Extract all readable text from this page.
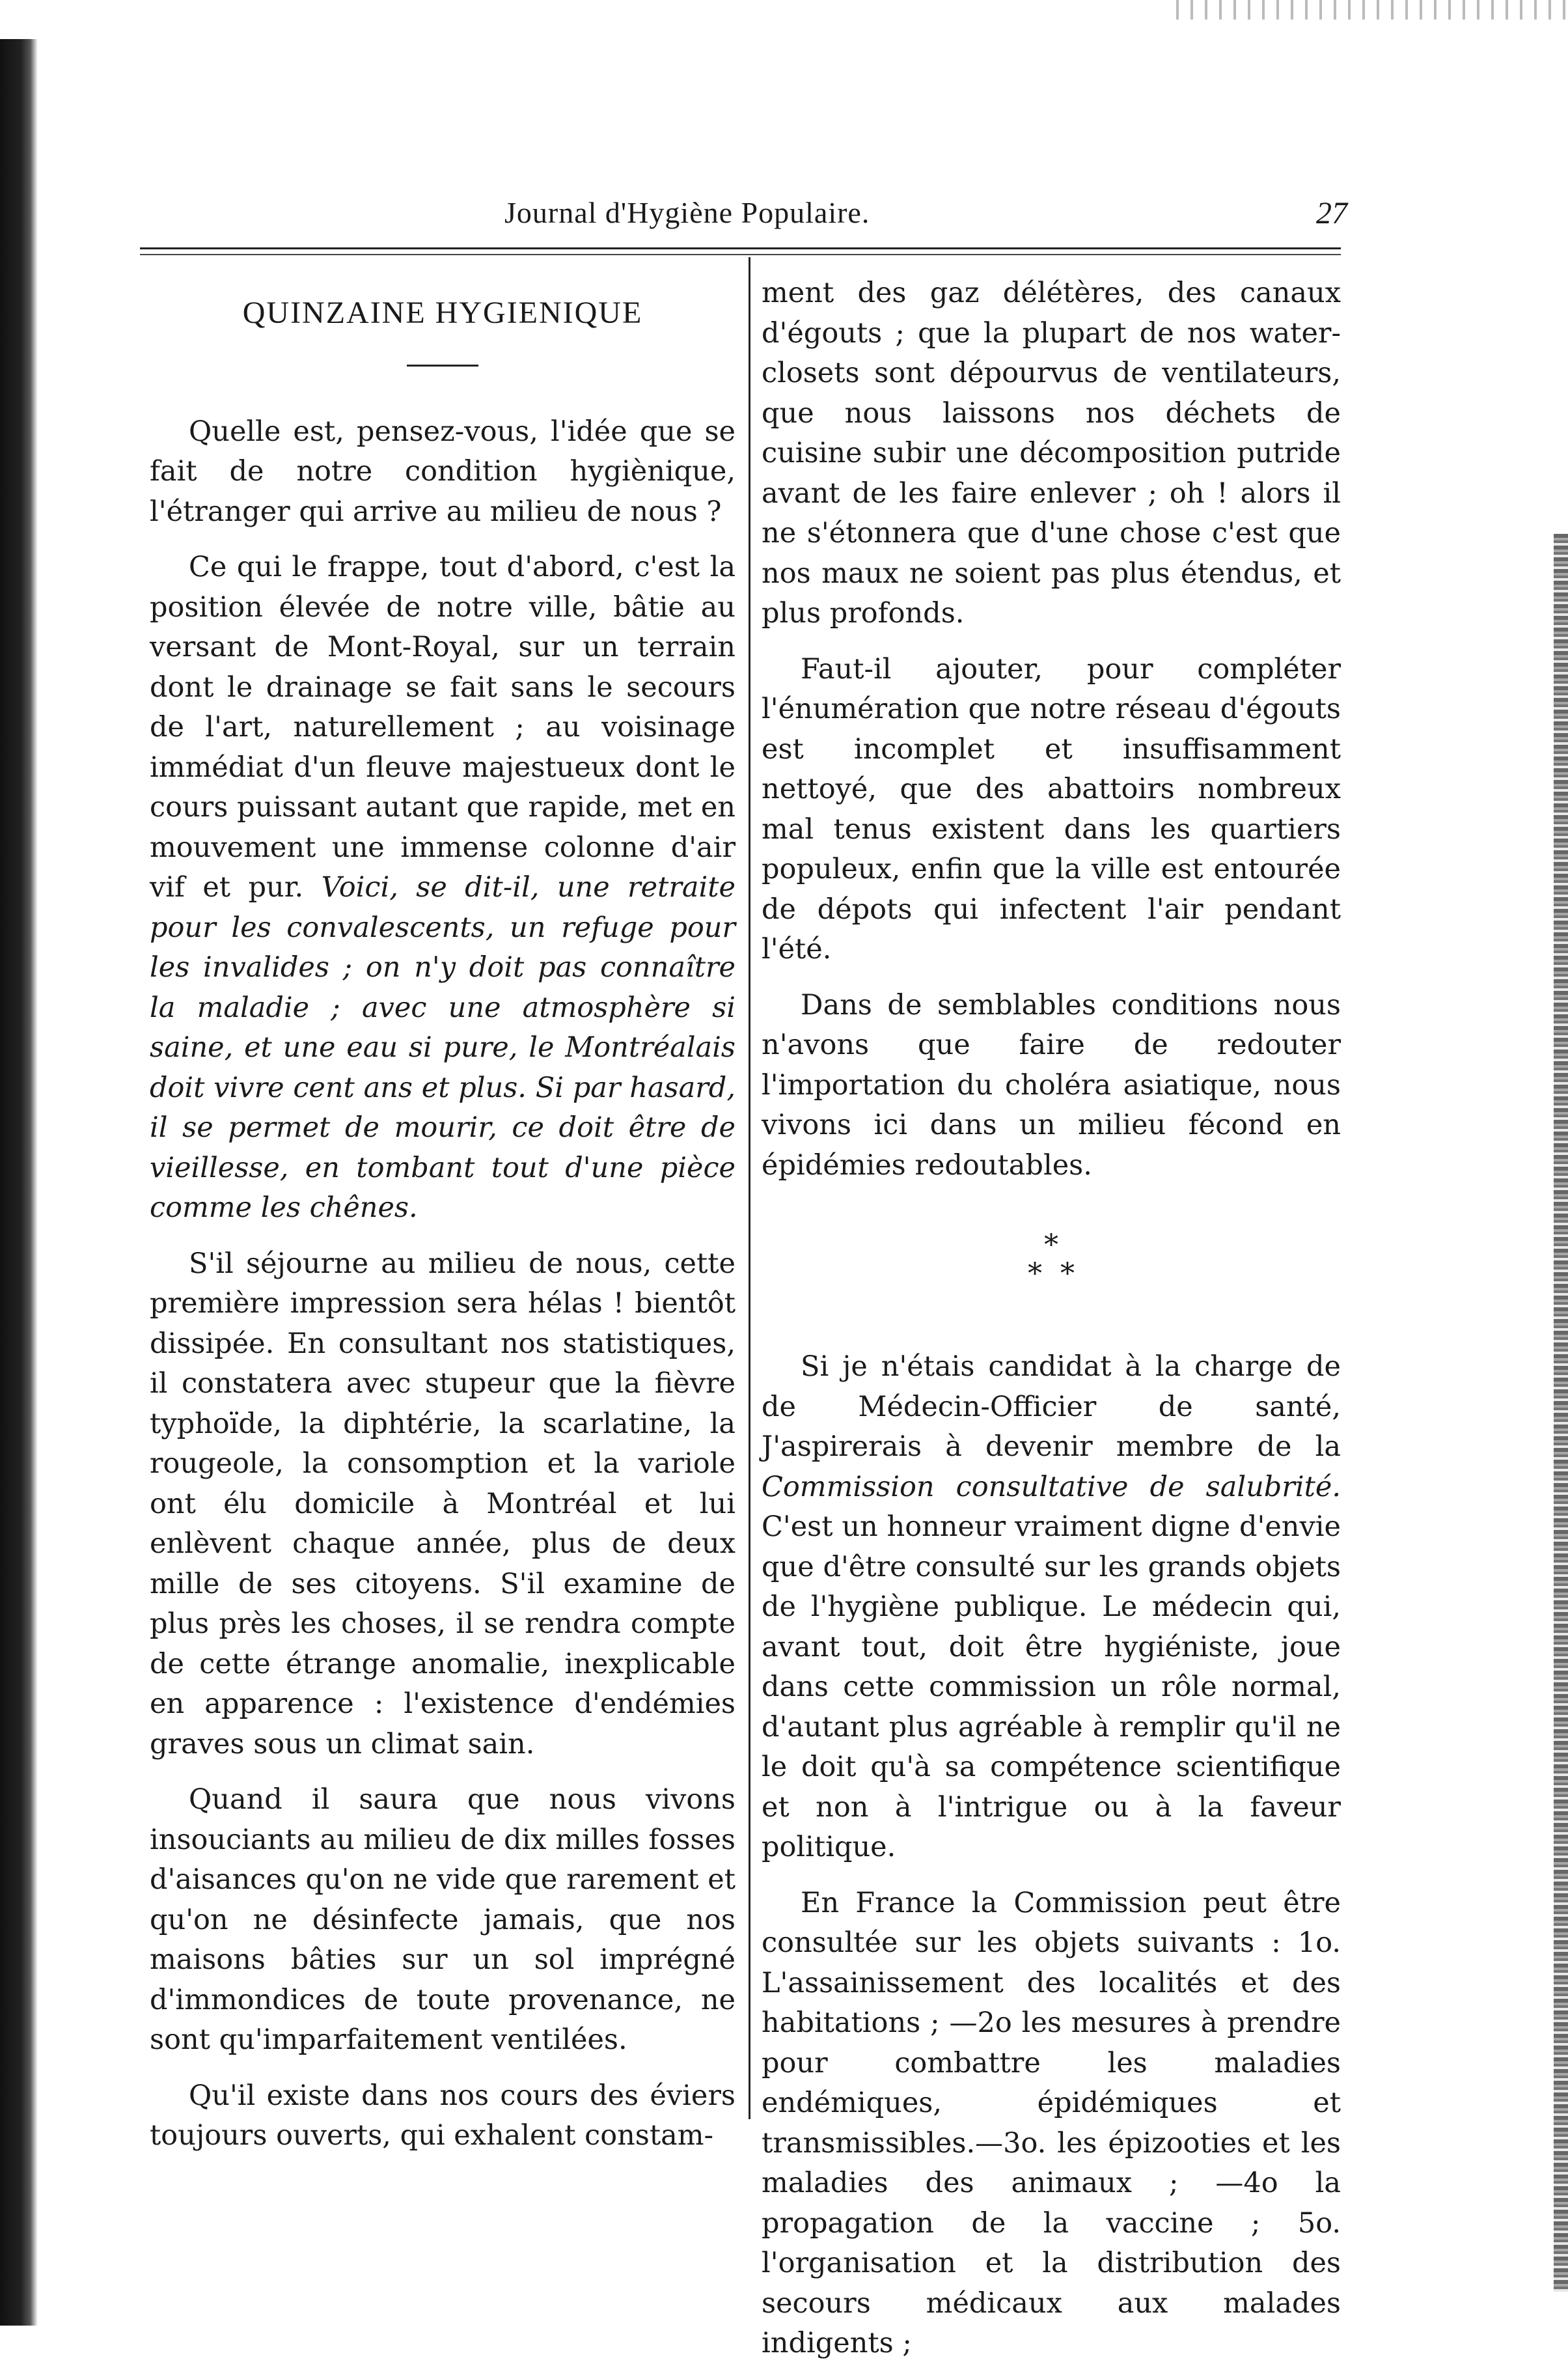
Journal d'Hygiène Populaire.	27
QUINZAINE HYGIENIQUE

Quelle est, pensez-vous, l'idée que se fait de notre condition hygiènique, l'étranger qui arrive au milieu de nous ?

Ce qui le frappe, tout d'abord, c'est la position élevée de notre ville, bâtie au versant de Mont-Royal, sur un terrain dont le drainage se fait sans le secours de l'art, naturellement ; au voisinage immédiat d'un fleuve majestueux dont le cours puissant autant que rapide, met en mouvement une immense colonne d'air vif et pur. Voici, se dit-il, une retraite pour les convalescents, un refuge pour les invalides ; on n'y doit pas connaître la maladie ; avec une atmosphère si saine, et une eau si pure, le Montréalais doit vivre cent ans et plus. Si par hasard, il se permet de mourir, ce doit être de vieillesse, en tombant tout d'une pièce comme les chênes.

S'il séjourne au milieu de nous, cette première impression sera hélas ! bientôt dissipée. En consultant nos statistiques, il constatera avec stupeur que la fièvre typhoïde, la diphtérie, la scarlatine, la rougeole, la consomption et la variole ont élu domicile à Montréal et lui enlèvent chaque année, plus de deux mille de ses citoyens. S'il examine de plus près les choses, il se rendra compte de cette étrange anomalie, inexplicable en apparence : l'existence d'endémies graves sous un climat sain.

Quand il saura que nous vivons insouciants au milieu de dix milles fosses d'aisances qu'on ne vide que rarement et qu'on ne désinfecte jamais, que nos maisons bâties sur un sol imprégné d'immondices de toute provenance, ne sont qu'imparfaitement ventilées.

Qu'il existe dans nos cours des éviers toujours ouverts, qui exhalent constam-

ment des gaz délétères, des canaux d'égouts ; que la plupart de nos water-closets sont dépourvus de ventilateurs, que nous laissons nos déchets de cuisine subir une décomposition putride avant de les faire enlever ; oh ! alors il ne s'étonnera que d'une chose c'est que nos maux ne soient pas plus étendus, et plus profonds.

Faut-il ajouter, pour compléter l'énumération que notre réseau d'égouts est incomplet et insuffisamment nettoyé, que des abattoirs nombreux mal tenus existent dans les quartiers populeux, enfin que la ville est entourée de dépots qui infectent l'air pendant l'été.

Dans de semblables conditions nous n'avons que faire de redouter l'importation du choléra asiatique, nous vivons ici dans un milieu fécond en épidémies redoutables.

*
* *

Si je n'étais candidat à la charge de de Médecin-Officier de santé, J'aspirerais à devenir membre de la Commission consultative de salubrité. C'est un honneur vraiment digne d'envie que d'être consulté sur les grands objets de l'hygiène publique. Le médecin qui, avant tout, doit être hygiéniste, joue dans cette commission un rôle normal, d'autant plus agréable à remplir qu'il ne le doit qu'à sa compétence scientifique et non à l'intrigue ou à la faveur politique.

En France la Commission peut être consultée sur les objets suivants : 1o. L'assainissement des localités et des habitations ; —2o les mesures à prendre pour combattre les maladies endémiques, épidémiques et transmissibles.—3o. les épizooties et les maladies des animaux ; —4o la propagation de la vaccine ; 5o. l'organisation et la distribution des secours médicaux aux malades indigents ;
